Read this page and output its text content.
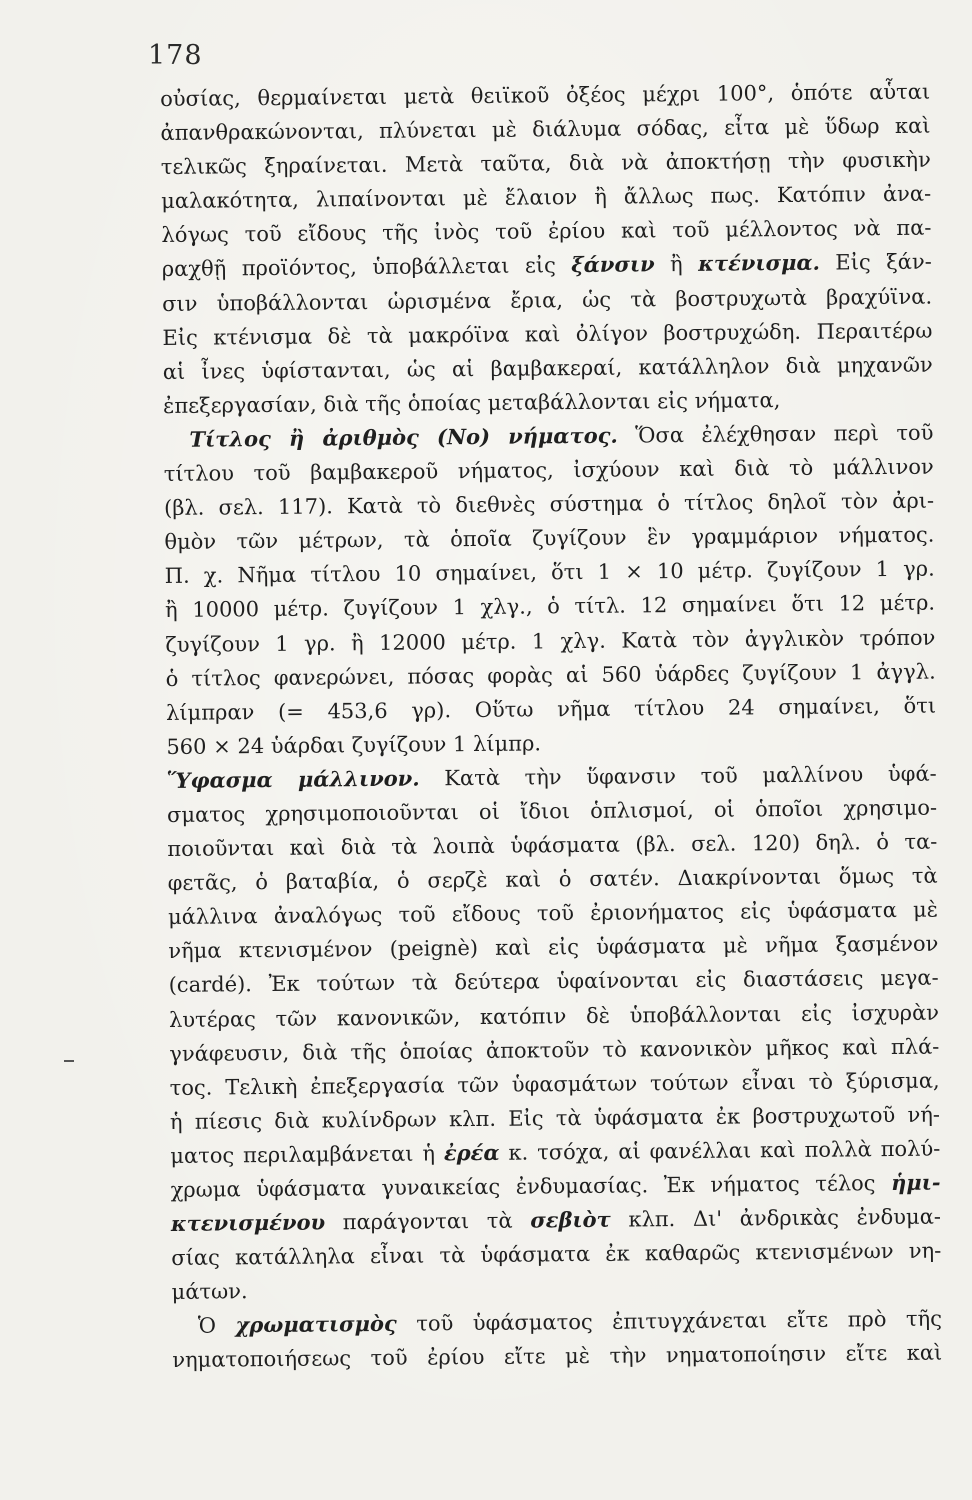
178
οὐσίας, θερμαίνεται μετὰ θειϊκοῦ ὀξέος μέχρι 100°, ὁπότε αὗται
ἀπανθρακώνονται, πλύνεται μὲ διάλυμα σόδας, εἶτα μὲ ὕδωρ καὶ
τελικῶς ξηραίνεται. Μετὰ ταῦτα, διὰ νὰ ἀποκτήσῃ τὴν φυσικὴν
μαλακότητα, λιπαίνονται μὲ ἔλαιον ἢ ἄλλως πως. Κατόπιν ἀνα-
λόγως τοῦ εἴδους τῆς ἰνὸς τοῦ ἐρίου καὶ τοῦ μέλλοντος νὰ πα-
ραχθῇ προϊόντος, ὑποβάλλεται εἰς ξάνσιν ἢ κτένισμα. Εἰς ξάν-
σιν ὑποβάλλονται ὡρισμένα ἔρια, ὡς τὰ βοστρυχωτὰ βραχύϊνα.
Εἰς κτένισμα δὲ τὰ μακρόϊνα καὶ ὀλίγον βοστρυχώδη. Περαιτέρω
αἱ ἶνες ὑφίστανται, ὡς αἱ βαμβακεραί, κατάλληλον διὰ μηχανῶν
ἐπεξεργασίαν, διὰ τῆς ὁποίας μεταβάλλονται εἰς νήματα,
Τίτλος ἢ ἀριθμὸς (Νο) νήματος. Ὅσα ἐλέχθησαν περὶ τοῦ
τίτλου τοῦ βαμβακεροῦ νήματος, ἰσχύουν καὶ διὰ τὸ μάλλινον
(βλ. σελ. 117). Κατὰ τὸ διεθνὲς σύστημα ὁ τίτλος δηλοῖ τὸν ἀρι-
θμὸν τῶν μέτρων, τὰ ὁποῖα ζυγίζουν ἓν γραμμάριον νήματος.
Π. χ. Νῆμα τίτλου 10 σημαίνει, ὅτι 1 × 10 μέτρ. ζυγίζουν 1 γρ.
ἢ 10000 μέτρ. ζυγίζουν 1 χλγ., ὁ τίτλ. 12 σημαίνει ὅτι 12 μέτρ.
ζυγίζουν 1 γρ. ἢ 12000 μέτρ. 1 χλγ. Κατὰ τὸν ἀγγλικὸν τρόπον
ὁ τίτλος φανερώνει, πόσας φορὰς αἱ 560 ὑάρδες ζυγίζουν 1 ἀγγλ.
λίμπραν (= 453,6 γρ). Οὕτω νῆμα τίτλου 24 σημαίνει, ὅτι
560 × 24 ὑάρδαι ζυγίζουν 1 λίμπρ.
Ὕφασμα μάλλινον. Κατὰ τὴν ὕφανσιν τοῦ μαλλίνου ὑφά-
σματος χρησιμοποιοῦνται οἱ ἴδιοι ὁπλισμοί, οἱ ὁποῖοι χρησιμο-
ποιοῦνται καὶ διὰ τὰ λοιπὰ ὑφάσματα (βλ. σελ. 120) δηλ. ὁ τα-
φετᾶς, ὁ βαταβία, ὁ σερζὲ καὶ ὁ σατέν. Διακρίνονται ὅμως τὰ
μάλλινα ἀναλόγως τοῦ εἴδους τοῦ ἐριονήματος εἰς ὑφάσματα μὲ
νῆμα κτενισμένον (peignè) καὶ εἰς ὑφάσματα μὲ νῆμα ξασμένον
(cardé). Ἐκ τούτων τὰ δεύτερα ὑφαίνονται εἰς διαστάσεις μεγα-
λυτέρας τῶν κανονικῶν, κατόπιν δὲ ὑποβάλλονται εἰς ἰσχυρὰν
γνάφευσιν, διὰ τῆς ὁποίας ἀποκτοῦν τὸ κανονικὸν μῆκος καὶ πλά-
τος. Τελικὴ ἐπεξεργασία τῶν ὑφασμάτων τούτων εἶναι τὸ ξύρισμα,
ἡ πίεσις διὰ κυλίνδρων κλπ. Εἰς τὰ ὑφάσματα ἐκ βοστρυχωτοῦ νή-
ματος περιλαμβάνεται ἡ ἐρέα κ. τσόχα, αἱ φανέλλαι καὶ πολλὰ πολύ-
χρωμα ὑφάσματα γυναικείας ἐνδυμασίας. Ἐκ νήματος τέλος ἡμι-
κτενισμένου παράγονται τὰ σεβιὸτ κλπ. Δι' ἀνδρικὰς ἐνδυμα-
σίας κατάλληλα εἶναι τὰ ὑφάσματα ἐκ καθαρῶς κτενισμένων νη-
μάτων.
Ὁ χρωματισμὸς τοῦ ὑφάσματος ἐπιτυγχάνεται εἴτε πρὸ τῆς
νηματοποιήσεως τοῦ ἐρίου εἴτε μὲ τὴν νηματοποίησιν εἴτε καὶ
